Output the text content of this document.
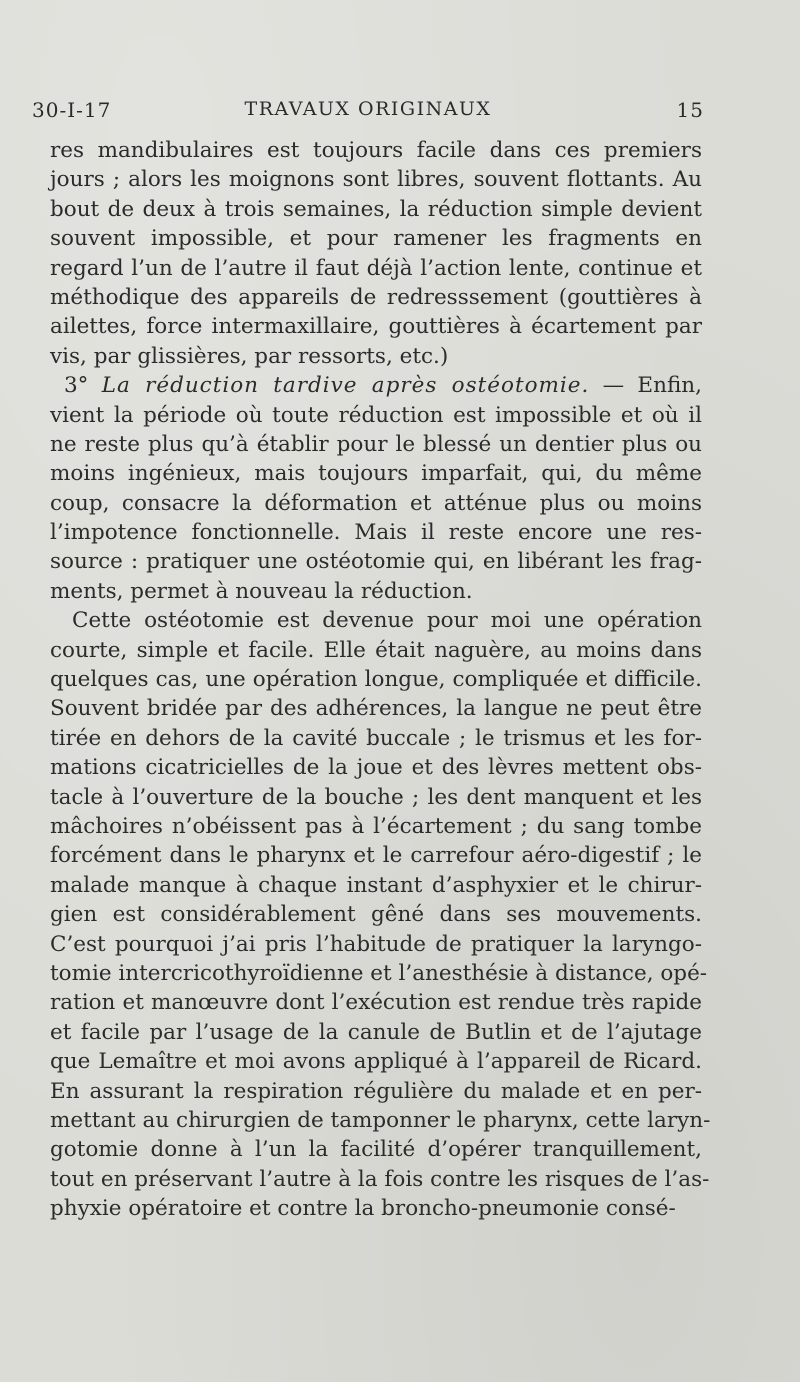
30-I-17	TRAVAUX ORIGINAUX	15
res mandibulaires est toujours facile dans ces premiers
jours ; alors les moignons sont libres, souvent flottants. Au
bout de deux à trois semaines, la réduction simple devient
souvent impossible, et pour ramener les fragments en
regard l’un de l’autre il faut déjà l’action lente, continue et
méthodique des appareils de redresssement (gouttières à
ailettes, force intermaxillaire, gouttières à écartement par
vis, par glissières, par ressorts, etc.)
3° La réduction tardive après ostéotomie. — Enfin,
vient la période où toute réduction est impossible et où il
ne reste plus qu’à établir pour le blessé un dentier plus ou
moins ingénieux, mais toujours imparfait, qui, du même
coup, consacre la déformation et atténue plus ou moins
l’impotence fonctionnelle. Mais il reste encore une res-
source : pratiquer une ostéotomie qui, en libérant les frag-
ments, permet à nouveau la réduction.
Cette ostéotomie est devenue pour moi une opération
courte, simple et facile. Elle était naguère, au moins dans
quelques cas, une opération longue, compliquée et difficile.
Souvent bridée par des adhérences, la langue ne peut être
tirée en dehors de la cavité buccale ; le trismus et les for-
mations cicatricielles de la joue et des lèvres mettent obs-
tacle à l’ouverture de la bouche ; les dent manquent et les
mâchoires n’obéissent pas à l’écartement ; du sang tombe
forcément dans le pharynx et le carrefour aéro-digestif ; le
malade manque à chaque instant d’asphyxier et le chirur-
gien est considérablement gêné dans ses mouvements.
C’est pourquoi j’ai pris l’habitude de pratiquer la laryngo-
tomie intercricothyroïdienne et l’anesthésie à distance, opé-
ration et manœuvre dont l’exécution est rendue très rapide
et facile par l’usage de la canule de Butlin et de l’ajutage
que Lemaître et moi avons appliqué à l’appareil de Ricard.
En assurant la respiration régulière du malade et en per-
mettant au chirurgien de tamponner le pharynx, cette laryn-
gotomie donne à l’un la facilité d’opérer tranquillement,
tout en préservant l’autre à la fois contre les risques de l’as-
phyxie opératoire et contre la broncho-pneumonie consé-
